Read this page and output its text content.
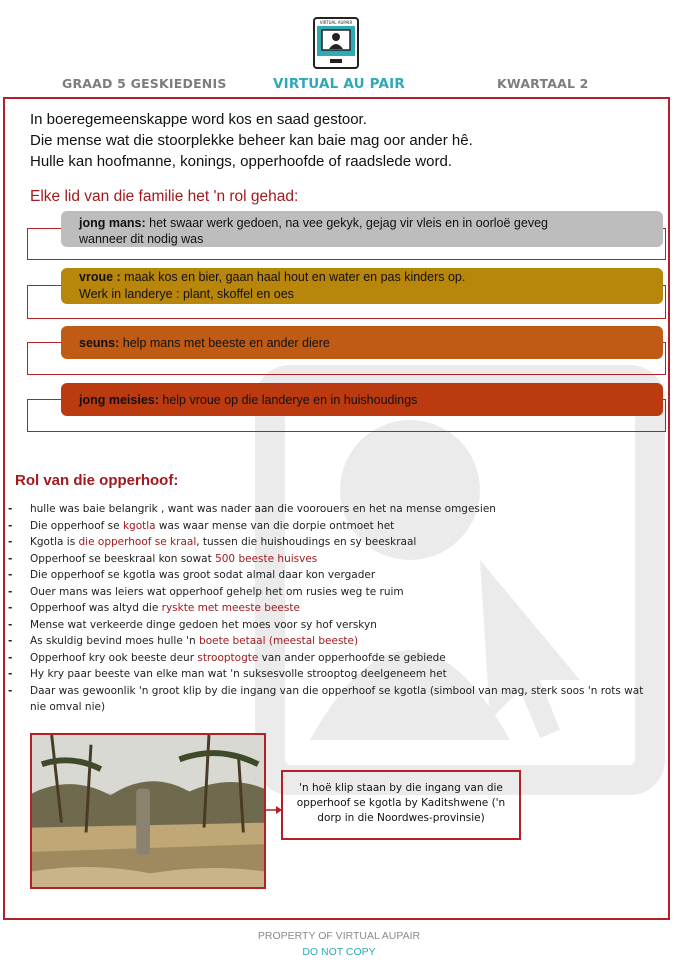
VIRTUAL AUPAIR
GRAAD 5 GESKIEDENIS	VIRTUAL AU PAIR	KWARTAAL 2
In boeregemeenskappe word kos en saad gestoor.
Die mense wat die stoorplekke beheer kan baie mag oor ander hê.
Hulle kan hoofmanne, konings, opperhoofde of raadslede word.
Elke lid van die familie het 'n rol gehad:
jong mans: het swaar werk gedoen, na vee gekyk, gejag vir vleis en in oorloë geveg
wanneer dit nodig was
vroue : maak kos en bier, gaan haal hout en water en pas kinders op.
Werk in landerye : plant, skoffel en oes
seuns: help mans met beeste en ander diere
jong meisies: help vroue op die landerye en in huishoudings
Rol van die opperhoof:
- hulle was baie belangrik , want was nader aan die voorouers en het na mense omgesien
- Die opperhoof se kgotla was waar mense van die dorpie ontmoet het
- Kgotla is die opperhoof se kraal, tussen die huishoudings en sy beeskraal
- Opperhoof se beeskraal kon sowat 500 beeste huisves
- Die opperhoof se kgotla was groot sodat almal daar kon vergader
- Ouer mans was leiers wat opperhoof gehelp het om rusies weg te ruim
- Opperhoof was altyd die ryskte met meeste beeste
- Mense wat verkeerde dinge gedoen het moes voor sy hof verskyn
- As skuldig bevind moes hulle 'n boete betaal (meestal beeste)
- Opperhoof kry ook beeste deur strooptogte van ander opperhoofde se gebiede
- Hy kry paar beeste van elke man wat 'n suksesvolle strooptog deelgeneem het
- Daar was gewoonlik 'n groot klip by die ingang van die opperhoof se kgotla (simbool van mag, sterk soos 'n rots wat nie omval nie)
'n hoë klip staan by die ingang van die
opperhoof se kgotla by Kaditshwene ('n
dorp in die Noordwes-provinsie)
PROPERTY OF VIRTUAL AUPAIR
DO NOT COPY
